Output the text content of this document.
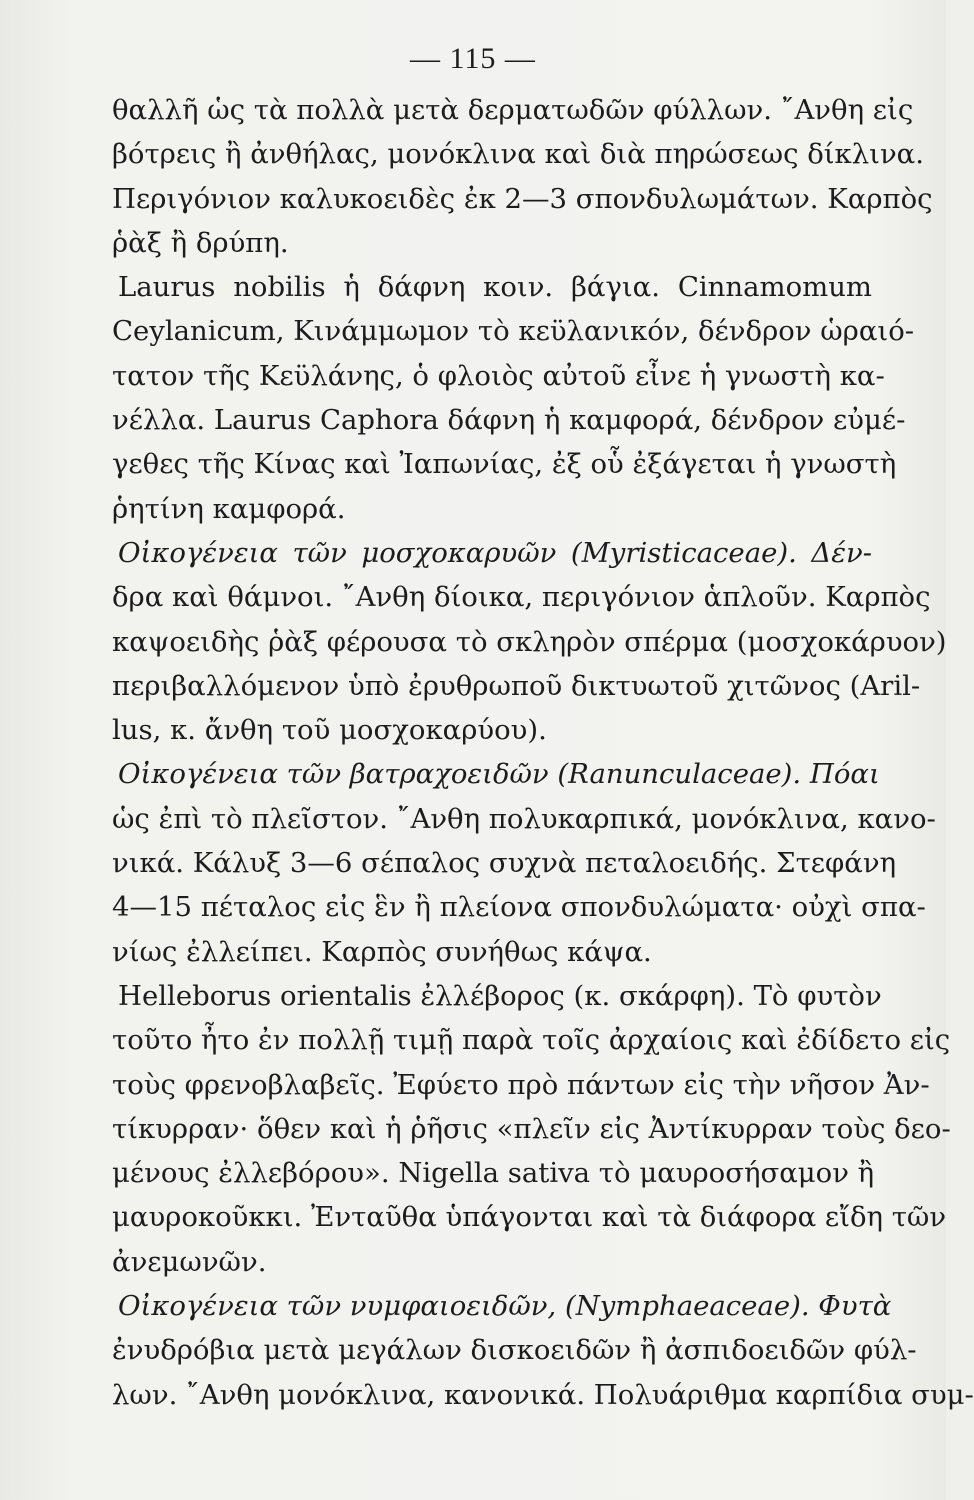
— 115 —
θαλλῆ ὡς τὰ πολλὰ μετὰ δερματωδῶν φύλλων. ῎Ανθη εἰς
βότρεις ἢ ἀνθήλας, μονόκλινα καὶ διὰ πηρώσεως δίκλινα.
Περιγόνιον καλυκοειδὲς ἐκ 2—3 σπονδυλωμάτων. Καρπὸς
ῥὰξ ἢ δρύπη.
Laurus nobilis ἡ δάφνη κοιν. βάγια. Cinnamomum
Ceylanicum, Κινάμμωμον τὸ κεϋλανικόν, δένδρον ὡραιό-
τατον τῆς Κεϋλάνης, ὁ φλοιὸς αὐτοῦ εἶνε ἡ γνωστὴ κα-
νέλλα. Laurus Caphora δάφνη ἡ καμφορά, δένδρον εὐμέ-
γεθες τῆς Κίνας καὶ Ἰαπωνίας, ἐξ οὗ ἐξάγεται ἡ γνωστὴ
ῥητίνη καμφορά.
Οἰκογένεια τῶν μοσχοκαρυῶν (Myristicaceae). Δέν-
δρα καὶ θάμνοι. ῎Ανθη δίοικα, περιγόνιον ἁπλοῦν. Καρπὸς
καψοειδὴς ῥὰξ φέρουσα τὸ σκληρὸν σπέρμα (μοσχοκάρυον)
περιβαλλόμενον ὑπὸ ἐρυθρωποῦ δικτυωτοῦ χιτῶνος (Aril-
lus, κ. ἄνθη τοῦ μοσχοκαρύου).
Οἰκογένεια τῶν βατραχοειδῶν (Ranunculaceae). Πόαι
ὡς ἐπὶ τὸ πλεῖστον. ῎Ανθη πολυκαρπικά, μονόκλινα, κανο-
νικά. Κάλυξ 3—6 σέπαλος συχνὰ πεταλοειδής. Στεφάνη
4—15 πέταλος εἰς ἓν ἢ πλείονα σπονδυλώματα· οὐχὶ σπα-
νίως ἐλλείπει. Καρπὸς συνήθως κάψα.
Helleborus orientalis ἐλλέβορος (κ. σκάρφη). Τὸ φυτὸν
τοῦτο ἦτο ἐν πολλῇ τιμῇ παρὰ τοῖς ἀρχαίοις καὶ ἐδίδετο εἰς
τοὺς φρενοβλαβεῖς. Ἐφύετο πρὸ πάντων εἰς τὴν νῆσον Ἀν-
τίκυρραν· ὅθεν καὶ ἡ ῥῆσις «πλεῖν εἰς Ἀντίκυρραν τοὺς δεο-
μένους ἐλλεβόρου». Nigella sativa τὸ μαυροσήσαμον ἢ
μαυροκοῦκκι. Ἐνταῦθα ὑπάγονται καὶ τὰ διάφορα εἴδη τῶν
ἀνεμωνῶν.
Οἰκογένεια τῶν νυμφαιοειδῶν, (Nymphaeaceae). Φυτὰ
ἐνυδρόβια μετὰ μεγάλων δισκοειδῶν ἢ ἀσπιδοειδῶν φύλ-
λων. ῎Ανθη μονόκλινα, κανονικά. Πολυάριθμα καρπίδια συμ-
